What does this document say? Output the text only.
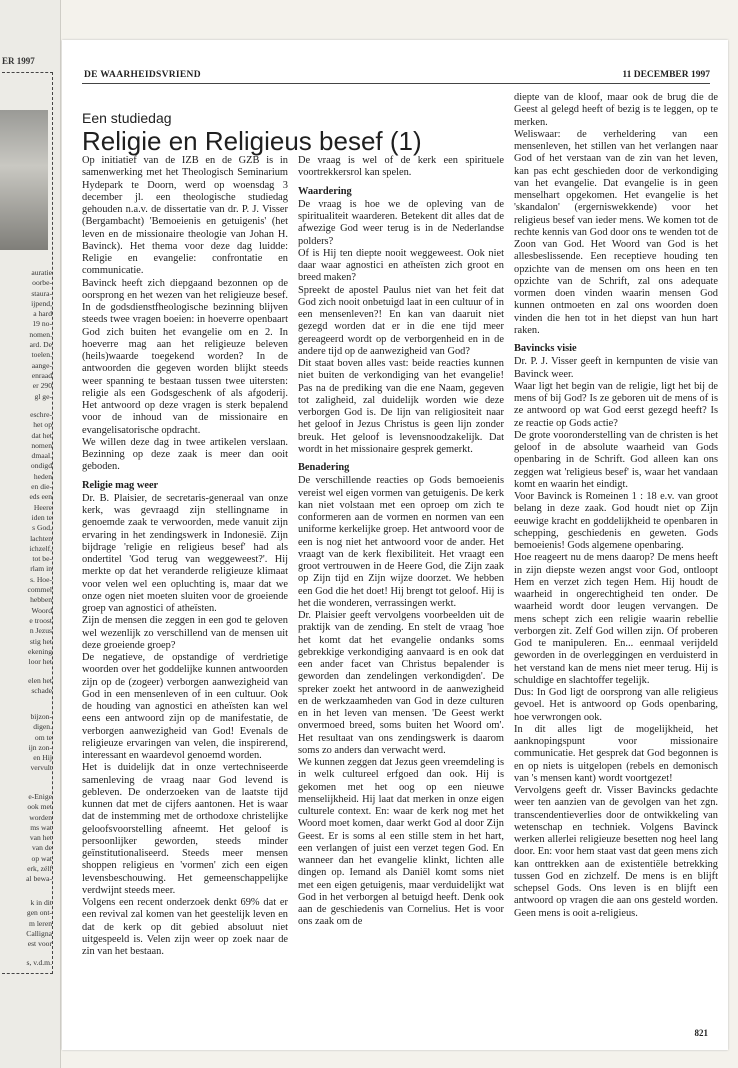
ER 1997
auratie
oorbe-
staura-
ijpend,
a hard
19 no-
nomen.
ard. De
toelen.
aange-
enraad
er 290
gl ge-
eschre-
het op
dat het
nomen
dmaal.
ondigd
heden
en die-
eds een
Heere
iden te
s God,
lachten
ichzelf,
tot be-
rlam in
s. Hoe-
commel
hebben
Woord
e troost
n Jezus
stig het
ekening
loor het
elen het
schade
bijzon-
digen.
om te
ijn zon-
en Hij
vervult
e-Enige
ook met
worden
ms wat
van het
van de
op wat
erk, zélf
al bewa-
k in dit
gen ont-
m leren
Calligna
est voor
s, v.d.m.
DE WAARHEIDSVRIEND	11 DECEMBER 1997
Een studiedag
Religie en Religieus besef (1)

Op initiatief van de IZB en de GZB is in samenwerking met het Theologisch Seminarium Hydepark te Doorn, werd op woensdag 3 december jl. een theologische studiedag gehouden n.a.v. de dissertatie van dr. P. J. Visser (Bergambacht) 'Bemoeienis en getuigenis' (het leven en de missionaire theologie van Johan H. Bavinck). Het thema voor deze dag luidde: Religie en evangelie: confrontatie en communicatie.

Bavinck heeft zich diepgaand bezonnen op de oorsprong en het wezen van het religieuze besef. In de godsdienstfheologische bezinning blijven steeds twee vragen boeien: in hoeverre openbaart God zich buiten het evangelie om en 2. In hoeverre mag aan het religieuze beleven (heils)waarde toegekend worden? In de antwoorden die gegeven worden blijkt steeds weer spanning te bestaan tussen twee uitersten: religie als een Godsgeschenk of als afgoderij. Het antwoord op deze vragen is sterk bepalend voor de inhoud van de missionaire en evangelisatorische opdracht.

We willen deze dag in twee artikelen verslaan. Bezinning op deze zaak is meer dan ooit geboden.

Religie mag weer

Dr. B. Plaisier, de secretaris-generaal van onze kerk, was gevraagd zijn stellingname in genoemde zaak te verwoorden, mede vanuit zijn ervaring in het zendingswerk in Indonesië. Zijn bijdrage 'religie en religieus besef' had als ondertitel 'God terug van weggeweest?'. Hij merkte op dat het veranderde religieuze klimaat voor velen wel een opluchting is, maar dat we onze ogen niet moeten sluiten voor de groeiende groep van agnostici of atheïsten.

Zijn de mensen die zeggen in een god te geloven wel wezenlijk zo verschillend van de mensen uit deze groeiende groep?

De negatieve, de opstandige of verdrietige woorden over het goddelijke kunnen antwoorden zijn op de (zogeer) verborgen aanwezigheid van God in een mensenleven of in een cultuur. Ook de houding van agnostici en atheïsten kan wel eens een antwoord zijn op de manifestatie, de verborgen aanwezigheid van God! Evenals de religieuze ervaringen van velen, die inspirerend, interessant en waardevol genoemd worden.

Het is duidelijk dat in onze vertechniseerde samenleving de vraag naar God levend is gebleven. De onderzoeken van de laatste tijd kunnen dat met de cijfers aantonen. Het is waar dat de instemming met de orthodoxe christelijke geloofsvoorstelling afneemt. Het geloof is persoonlijker geworden, steeds minder geïnstitutionaliseerd. Steeds meer mensen shoppen religieus en 'vormen' zich een eigen levensbeschouwing. Het gemeenschappelijke verdwijnt steeds meer.

Volgens een recent onderzoek denkt 69% dat er een revival zal komen van het geestelijk leven en dat de kerk op dit gebied absoluut niet uitgespeeld is. Velen zijn weer op zoek naar de zin van het bestaan.

De vraag is wel of de kerk een spirituele voortrekkersrol kan spelen.

Waardering

De vraag is hoe we de opleving van de spiritualiteit waarderen. Betekent dit alles dat de afwezige God weer terug is in de Nederlandse polders?

Of is Hij ten diepte nooit weggeweest. Ook niet daar waar agnostici en atheïsten zich groot en breed maken?

Spreekt de apostel Paulus niet van het feit dat God zich nooit onbetuigd laat in een cultuur of in een mensenleven?! En kan van daaruit niet gezegd worden dat er in die ene tijd meer gereageerd wordt op de verborgenheid en in de andere tijd op de aanwezigheid van God?

Dit staat boven alles vast: beide reacties kunnen niet buiten de verkondiging van het evangelie! Pas na de prediking van die ene Naam, gegeven tot zaligheid, zal duidelijk worden wie deze verborgen God is. De lijn van religiositeit naar het geloof in Jezus Christus is geen lijn zonder breuk. Het geloof is levensnoodzakelijk. Dat wordt in het missionaire gesprek gemerkt.

Benadering

De verschillende reacties op Gods bemoeienis vereist wel eigen vormen van getuigenis. De kerk kan niet volstaan met een oproep om zich te conformeren aan de vormen en normen van een uniforme kerkelijke groep. Het antwoord voor de een is nog niet het antwoord voor de ander. Het vraagt van de kerk flexibiliteit. Het vraagt een groot vertrouwen in de Heere God, die Zijn zaak op Zijn tijd en Zijn wijze doorzet. We hebben een God die het doet! Hij brengt tot geloof. Hij is het die wonderen, verrassingen werkt.

Dr. Plaisier geeft vervolgens voorbeelden uit de praktijk van de zending. En stelt de vraag 'hoe het komt dat het evangelie ondanks soms gebrekkige verkondiging aanvaard is en ook dat een ander facet van Christus bepalender is geworden dan zendelingen verkondigden'. De spreker zoekt het antwoord in de aanwezigheid en de werkzaamheden van God in deze culturen en in het leven van mensen. 'De Geest werkt onvermoed breed, soms buiten het Woord om'. Het resultaat van ons zendingswerk is daarom soms zo anders dan verwacht werd.

We kunnen zeggen dat Jezus geen vreemdeling is in welk cultureel erfgoed dan ook. Hij is gekomen met het oog op een nieuwe menselijkheid. Hij laat dat merken in onze eigen culturele context. En: waar de kerk nog met het Woord moet komen, daar werkt God al door Zijn Geest. Er is soms al een stille stem in het hart, een verlangen of juist een verzet tegen God. En wanneer dan het evangelie klinkt, lichten alle dingen op. Iemand als Daniël komt soms niet met een eigen getuigenis, maar verduidelijkt wat God in het verborgen al betuigd heeft. Denk ook aan de geschiedenis van Cornelius. Het is voor ons zaak om de

diepte van de kloof, maar ook de brug die de Geest al gelegd heeft of bezig is te leggen, op te merken.

Weliswaar: de verheldering van een mensenleven, het stillen van het verlangen naar God of het verstaan van de zin van het leven, kan pas echt geschieden door de verkondiging van het evangelie. Dat evangelie is in geen menselhart opgekomen. Het evangelie is het 'skandalon' (ergerniswekkende) voor het religieus besef van ieder mens. We komen tot de rechte kennis van God door ons te wenden tot de Zoon van God. Het Woord van God is het allesbeslissende. Een receptieve houding ten opzichte van de mensen om ons heen en ten opzichte van de Schrift, zal ons adequate vormen doen vinden waarin mensen God kunnen ontmoeten en zal ons woorden doen vinden die hen tot in het diepst van hun hart raken.

Bavincks visie

Dr. P. J. Visser geeft in kernpunten de visie van Bavinck weer.

Waar ligt het begin van de religie, ligt het bij de mens of bij God? Is ze geboren uit de mens of is ze antwoord op wat God eerst gezegd heeft? Is ze reactie op Gods actie?

De grote vooronderstelling van de christen is het geloof in de absolute waarheid van Gods openbaring in de Schrift. God alleen kan ons zeggen wat 'religieus besef' is, waar het vandaan komt en waarin het eindigt.

Voor Bavinck is Romeinen 1 : 18 e.v. van groot belang in deze zaak. God houdt niet op Zijn eeuwige kracht en goddelijkheid te openbaren in schepping, geschiedenis en geweten. Gods bemoeienis! Gods algemene openbaring.

Hoe reageert nu de mens daarop? De mens heeft in zijn diepste wezen angst voor God, ontloopt Hem en verzet zich tegen Hem. Hij houdt de waarheid in ongerechtigheid ten onder. De waarheid wordt door leugen vervangen. De mens schept zich een religie waarin rebellie verborgen zit. Zelf God willen zijn. Of proberen God te manipuleren. En... eenmaal verijdeld geworden in de overleggingen en verduisterd in het verstand kan de mens niet meer terug. Hij is schuldige en slachtoffer tegelijk.

Dus: In God ligt de oorsprong van alle religieus gevoel. Het is antwoord op Gods openbaring, hoe verwrongen ook.

In dit alles ligt de mogelijkheid, het aanknopingspunt voor missionaire communicatie. Het gesprek dat God begonnen is en op niets is uitgelopen (rebels en demonisch van 's mensen kant) wordt voortgezet!

Vervolgens geeft dr. Visser Bavincks gedachte weer ten aanzien van de gevolgen van het zgn. transcendentieverlies door de ontwikkeling van wetenschap en techniek. Volgens Bavinck werken allerlei religieuze besetten nog heel lang door. En: voor hem staat vast dat geen mens zich kan onttrekken aan de existentiële betrekking tussen God en zichzelf. De mens is en blijft schepsel Gods. Ons leven is en blijft een antwoord op vragen die aan ons gesteld worden. Geen mens is ooit a-religieus.

821
